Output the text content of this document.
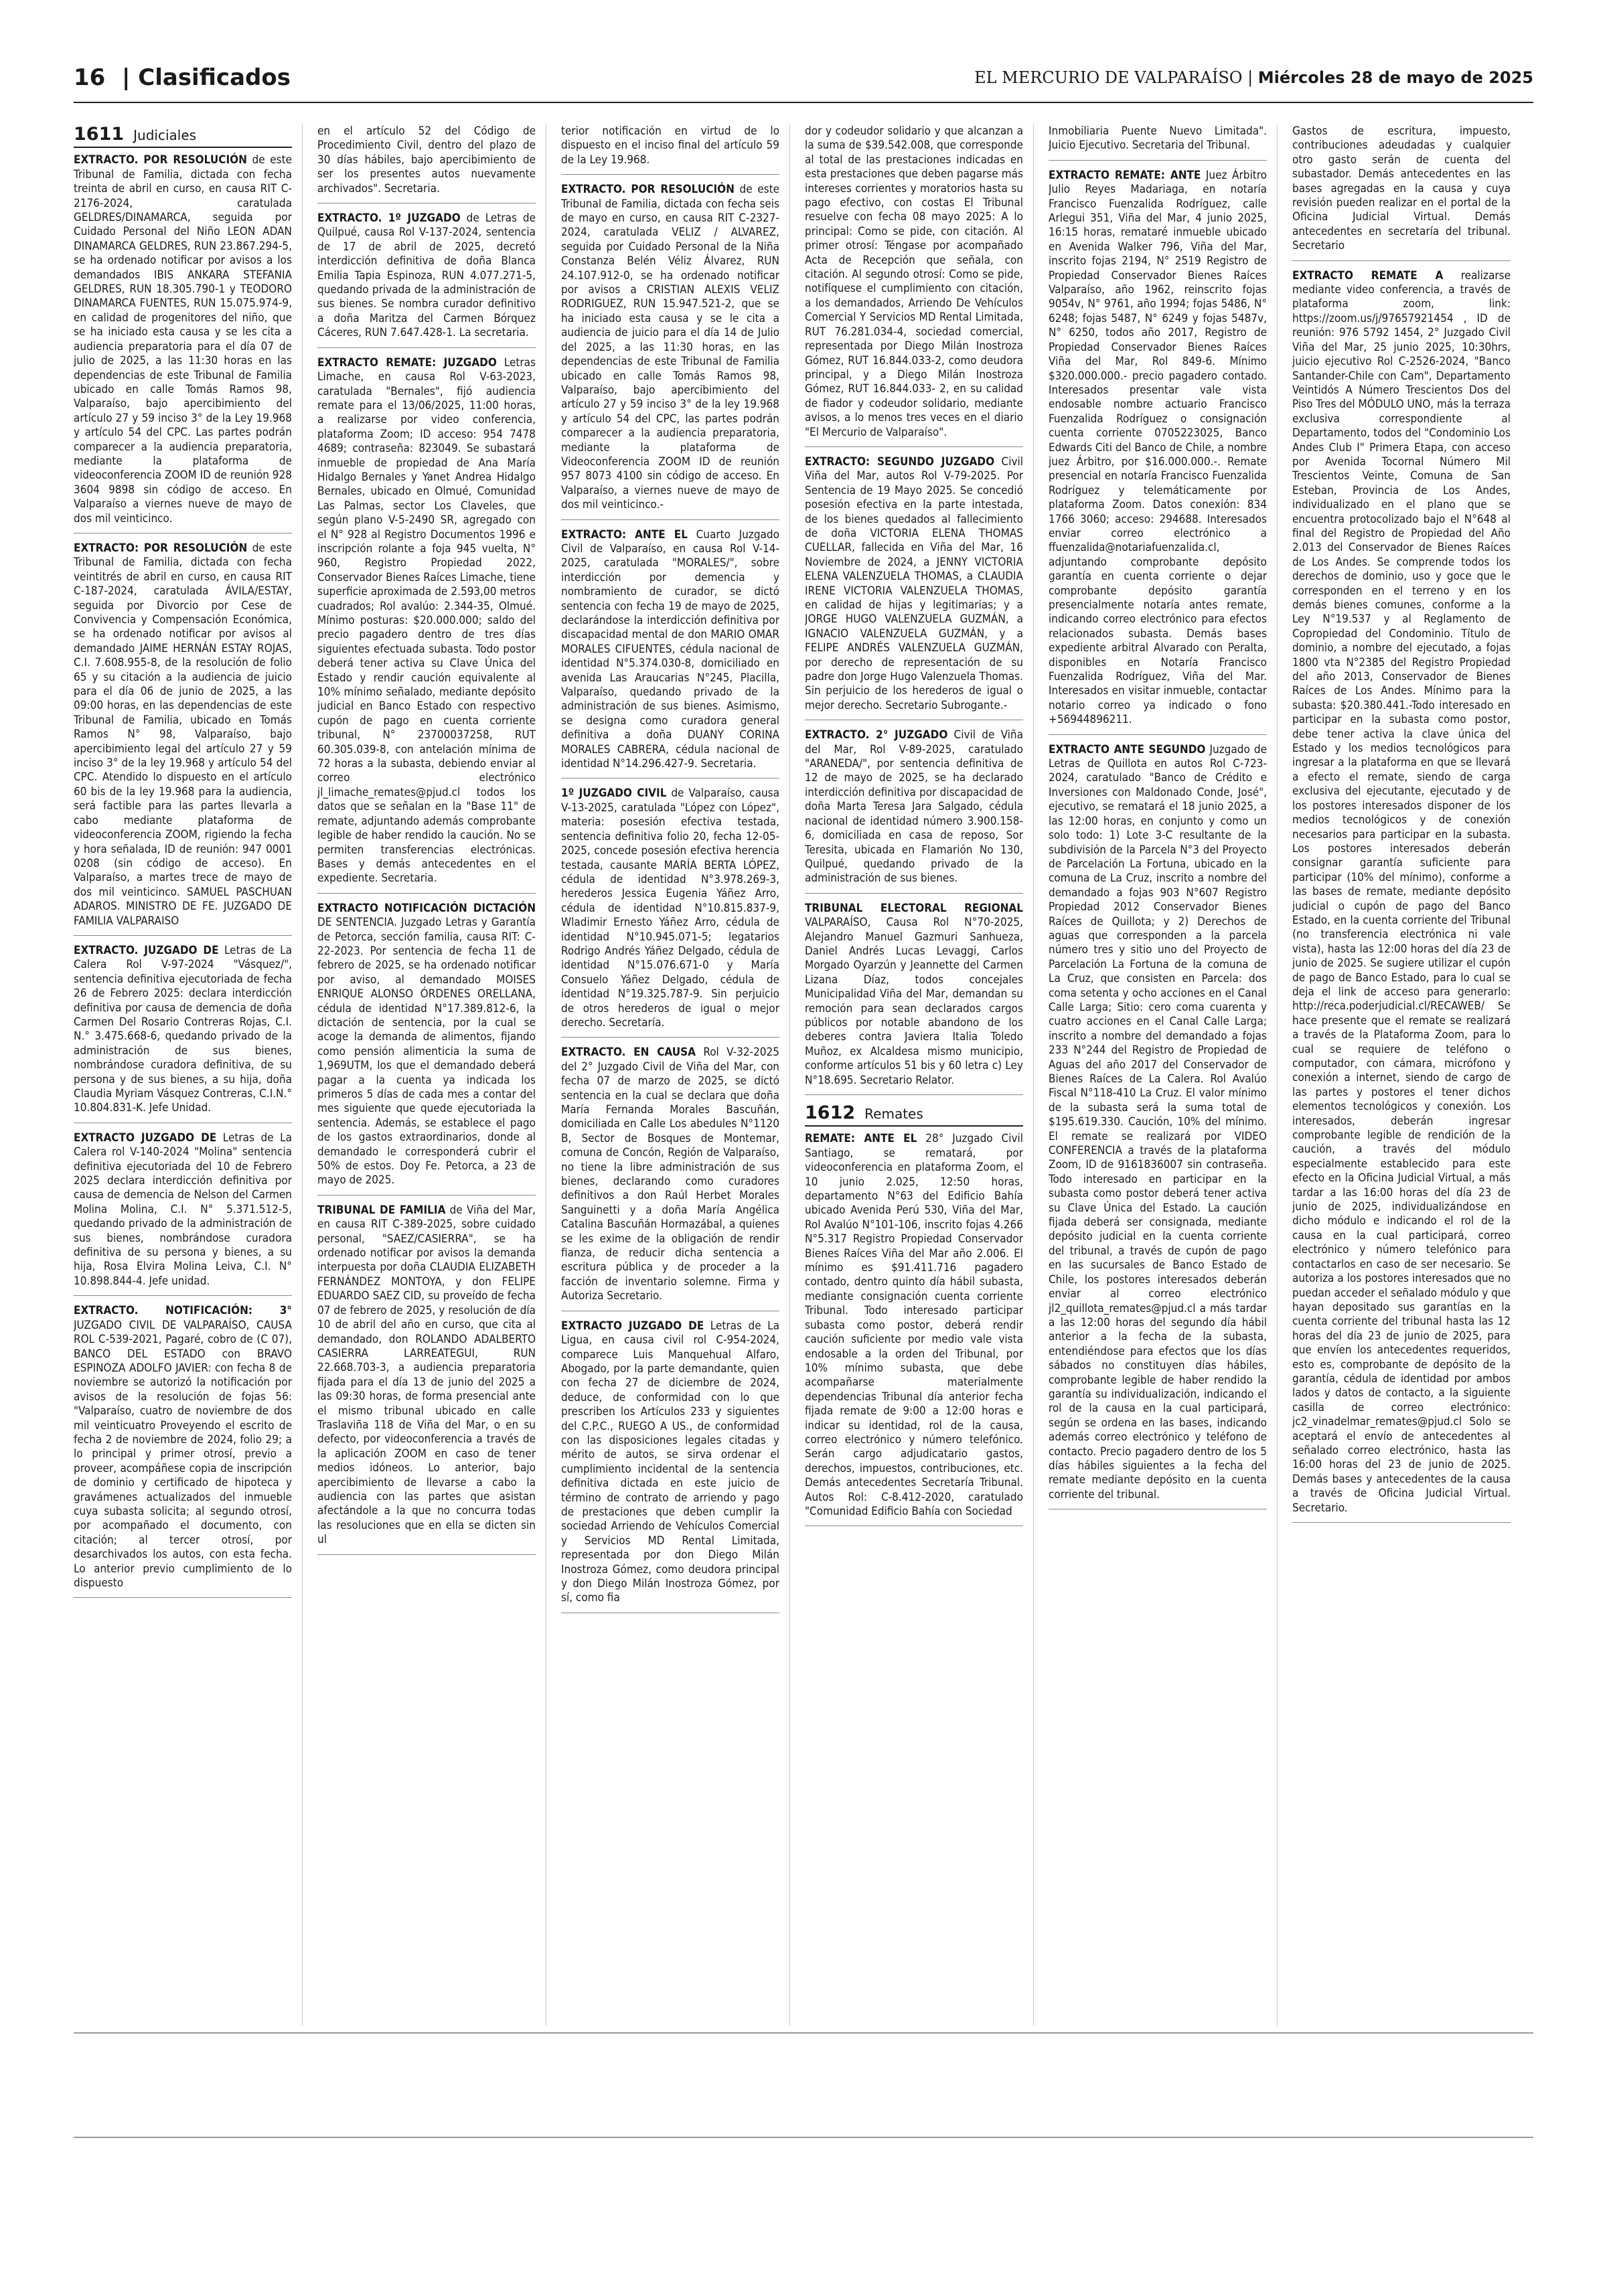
16 | Clasificados	EL MERCURIO DE VALPARAÍSO | Miércoles 28 de mayo de 2025
1611 Judiciales

EXTRACTO. POR RESOLUCIÓN de este Tribunal de Familia, dictada con fecha treinta de abril en curso, en causa RIT C-2176-2024, caratulada GELDRES/DINAMARCA, seguida por Cuidado Personal del Niño LEON ADAN DINAMARCA GELDRES, RUN 23.867.294-5, se ha ordenado notificar por avisos a los demandados IBIS ANKARA STEFANIA GELDRES, RUN 18.305.790-1 y TEODORO DINAMARCA FUENTES, RUN 15.075.974-9, en calidad de progenitores del niño, que se ha iniciado esta causa y se les cita a audiencia preparatoria para el día 07 de julio de 2025, a las 11:30 horas en las dependencias de este Tribunal de Familia ubicado en calle Tomás Ramos 98, Valparaíso, bajo apercibimiento del artículo 27 y 59 inciso 3° de la Ley 19.968 y artículo 54 del CPC. Las partes podrán comparecer a la audiencia preparatoria, mediante la plataforma de videoconferencia ZOOM ID de reunión 928 3604 9898 sin código de acceso. En Valparaíso a viernes nueve de mayo de dos mil veinticinco.

EXTRACTO: POR RESOLUCIÓN de este Tribunal de Familia, dictada con fecha veintitrés de abril en curso, en causa RIT C-187-2024, caratulada ÁVILA/ESTAY, seguida por Divorcio por Cese de Convivencia y Compensación Económica, se ha ordenado notificar por avisos al demandado JAIME HERNÁN ESTAY ROJAS, C.I. 7.608.955-8, de la resolución de folio 65 y su citación a la audiencia de juicio para el día 06 de junio de 2025, a las 09:00 horas, en las dependencias de este Tribunal de Familia, ubicado en Tomás Ramos N° 98, Valparaíso, bajo apercibimiento legal del artículo 27 y 59 inciso 3° de la ley 19.968 y artículo 54 del CPC. Atendido lo dispuesto en el artículo 60 bis de la ley 19.968 para la audiencia, será factible para las partes llevarla a cabo mediante plataforma de videoconferencia ZOOM, rigiendo la fecha y hora señalada, ID de reunión: 947 0001 0208 (sin código de acceso). En Valparaíso, a martes trece de mayo de dos mil veinticinco. SAMUEL PASCHUAN ADAROS. MINISTRO DE FE. JUZGADO DE FAMILIA VALPARAISO

EXTRACTO. JUZGADO DE Letras de La Calera Rol V-97-2024 "Vásquez/", sentencia definitiva ejecutoriada de fecha 26 de Febrero 2025: declara interdicción definitiva por causa de demencia de doña Carmen Del Rosario Contreras Rojas, C.I. N.° 3.475.668-6, quedando privado de la administración de sus bienes, nombrándose curadora definitiva, de su persona y de sus bienes, a su hija, doña Claudia Myriam Vásquez Contreras, C.I.N.° 10.804.831-K. Jefe Unidad.

EXTRACTO JUZGADO DE Letras de La Calera rol V-140-2024 "Molina" sentencia definitiva ejecutoriada del 10 de Febrero 2025 declara interdicción definitiva por causa de demencia de Nelson del Carmen Molina Molina, C.I. N° 5.371.512-5, quedando privado de la administración de sus bienes, nombrándose curadora definitiva de su persona y bienes, a su hija, Rosa Elvira Molina Leiva, C.I. N° 10.898.844-4. Jefe unidad.

EXTRACTO. NOTIFICACIÓN: 3° JUZGADO CIVIL DE VALPARAÍSO, CAUSA ROL C-539-2021, Pagaré, cobro de (C 07), BANCO DEL ESTADO con BRAVO ESPINOZA ADOLFO JAVIER: con fecha 8 de noviembre se autorizó la notificación por avisos de la resolución de fojas 56: "Valparaíso, cuatro de noviembre de dos mil veinticuatro Proveyendo el escrito de fecha 2 de noviembre de 2024, folio 29; a lo principal y primer otrosí, previo a proveer, acompáñese copia de inscripción de dominio y certificado de hipoteca y gravámenes actualizados del inmueble cuya subasta solicita; al segundo otrosí, por acompañado el documento, con citación; al tercer otrosí, por desarchivados los autos, con esta fecha. Lo anterior previo cumplimiento de lo dispuesto

en el artículo 52 del Código de Procedimiento Civil, dentro del plazo de 30 días hábiles, bajo apercibimiento de ser los presentes autos nuevamente archivados". Secretaria.

EXTRACTO. 1º JUZGADO de Letras de Quilpué, causa Rol V-137-2024, sentencia de 17 de abril de 2025, decretó interdicción definitiva de doña Blanca Emilia Tapia Espinoza, RUN 4.077.271-5, quedando privada de la administración de sus bienes. Se nombra curador definitivo a doña Maritza del Carmen Bórquez Cáceres, RUN 7.647.428-1. La secretaria.

EXTRACTO REMATE: JUZGADO Letras Limache, en causa Rol V-63-2023, caratulada "Bernales", fijó audiencia remate para el 13/06/2025, 11:00 horas, a realizarse por video conferencia, plataforma Zoom; ID acceso: 954 7478 4689; contraseña: 823049. Se subastará inmueble de propiedad de Ana María Hidalgo Bernales y Yanet Andrea Hidalgo Bernales, ubicado en Olmué, Comunidad Las Palmas, sector Los Claveles, que según plano V-5-2490 SR, agregado con el N° 928 al Registro Documentos 1996 e inscripción rolante a foja 945 vuelta, N° 960, Registro Propiedad 2022, Conservador Bienes Raíces Limache, tiene superficie aproximada de 2.593,00 metros cuadrados; Rol avalúo: 2.344-35, Olmué. Mínimo posturas: $20.000.000; saldo del precio pagadero dentro de tres días siguientes efectuada subasta. Todo postor deberá tener activa su Clave Única del Estado y rendir caución equivalente al 10% mínimo señalado, mediante depósito judicial en Banco Estado con respectivo cupón de pago en cuenta corriente tribunal, N° 23700037258, RUT 60.305.039-8, con antelación mínima de 72 horas a la subasta, debiendo enviar al correo electrónico jl_limache_remates@pjud.cl todos los datos que se señalan en la "Base 11" de remate, adjuntando además comprobante legible de haber rendido la caución. No se permiten transferencias electrónicas. Bases y demás antecedentes en el expediente. Secretaria.

EXTRACTO NOTIFICACIÓN DICTACIÓN DE SENTENCIA. Juzgado Letras y Garantía de Petorca, sección familia, causa RIT: C-22-2023. Por sentencia de fecha 11 de febrero de 2025, se ha ordenado notificar por aviso, al demandado MOISES ENRIQUE ALONSO ÓRDENES ORELLANA, cédula de identidad N°17.389.812-6, la dictación de sentencia, por la cual se acoge la demanda de alimentos, fijando como pensión alimenticia la suma de 1,969UTM, los que el demandado deberá pagar a la cuenta ya indicada los primeros 5 días de cada mes a contar del mes siguiente que quede ejecutoriada la sentencia. Además, se establece el pago de los gastos extraordinarios, donde al demandado le corresponderá cubrir el 50% de estos. Doy Fe. Petorca, a 23 de mayo de 2025.

TRIBUNAL DE FAMILIA de Viña del Mar, en causa RIT C-389-2025, sobre cuidado personal, "SAEZ/CASIERRA", se ha ordenado notificar por avisos la demanda interpuesta por doña CLAUDIA ELIZABETH FERNÁNDEZ MONTOYA, y don FELIPE EDUARDO SAEZ CID, su proveído de fecha 07 de febrero de 2025, y resolución de día 10 de abril del año en curso, que cita al demandado, don ROLANDO ADALBERTO CASIERRA LARREATEGUI, RUN 22.668.703-3, a audiencia preparatoria fijada para el día 13 de junio del 2025 a las 09:30 horas, de forma presencial ante el mismo tribunal ubicado en calle Traslaviña 118 de Viña del Mar, o en su defecto, por videoconferencia a través de la aplicación ZOOM en caso de tener medios idóneos. Lo anterior, bajo apercibimiento de llevarse a cabo la audiencia con las partes que asistan afectándole a la que no concurra todas las resoluciones que en ella se dicten sin ul

terior notificación en virtud de lo dispuesto en el inciso final del artículo 59 de la Ley 19.968.

EXTRACTO. POR RESOLUCIÓN de este Tribunal de Familia, dictada con fecha seis de mayo en curso, en causa RIT C-2327-2024, caratulada VELIZ / ALVAREZ, seguida por Cuidado Personal de la Niña Constanza Belén Véliz Álvarez, RUN 24.107.912-0, se ha ordenado notificar por avisos a CRISTIAN ALEXIS VELIZ RODRIGUEZ, RUN 15.947.521-2, que se ha iniciado esta causa y se le cita a audiencia de juicio para el día 14 de Julio del 2025, a las 11:30 horas, en las dependencias de este Tribunal de Familia ubicado en calle Tomás Ramos 98, Valparaíso, bajo apercibimiento del artículo 27 y 59 inciso 3° de la ley 19.968 y artículo 54 del CPC, las partes podrán comparecer a la audiencia preparatoria, mediante la plataforma de Videoconferencia ZOOM ID de reunión 957 8073 4100 sin código de acceso. En Valparaíso, a viernes nueve de mayo de dos mil veinticinco.-

EXTRACTO: ANTE EL Cuarto Juzgado Civil de Valparaíso, en causa Rol V-14-2025, caratulada "MORALES/", sobre interdicción por demencia y nombramiento de curador, se dictó sentencia con fecha 19 de mayo de 2025, declarándose la interdicción definitiva por discapacidad mental de don MARIO OMAR MORALES CIFUENTES, cédula nacional de identidad N°5.374.030-8, domiciliado en avenida Las Araucarias N°245, Placilla, Valparaíso, quedando privado de la administración de sus bienes. Asimismo, se designa como curadora general definitiva a doña DUANY CORINA MORALES CABRERA, cédula nacional de identidad N°14.296.427-9. Secretaria.

1º JUZGADO CIVIL de Valparaíso, causa V-13-2025, caratulada "López con López", materia: posesión efectiva testada, sentencia definitiva folio 20, fecha 12-05-2025, concede posesión efectiva herencia testada, causante MARÍA BERTA LÓPEZ, cédula de identidad N°3.978.269-3, herederos Jessica Eugenia Yáñez Arro, cédula de identidad N°10.815.837-9, Wladimir Ernesto Yáñez Arro, cédula de identidad N°10.945.071-5; legatarios Rodrigo Andrés Yáñez Delgado, cédula de identidad N°15.076.671-0 y María Consuelo Yáñez Delgado, cédula de identidad N°19.325.787-9. Sin perjuicio de otros herederos de igual o mejor derecho. Secretaría.

EXTRACTO. EN CAUSA Rol V-32-2025 del 2° Juzgado Civil de Viña del Mar, con fecha 07 de marzo de 2025, se dictó sentencia en la cual se declara que doña María Fernanda Morales Bascuñán, domiciliada en Calle Los abedules N°1120 B, Sector de Bosques de Montemar, comuna de Concón, Región de Valparaíso, no tiene la libre administración de sus bienes, declarando como curadores definitivos a don Raúl Herbet Morales Sanguinetti y a doña María Angélica Catalina Bascuñán Hormazábal, a quienes se les exime de la obligación de rendir fianza, de reducir dicha sentencia a escritura pública y de proceder a la facción de inventario solemne. Firma y Autoriza Secretario.

EXTRACTO JUZGADO DE Letras de La Ligua, en causa civil rol C-954-2024, comparece Luis Manquehual Alfaro, Abogado, por la parte demandante, quien con fecha 27 de diciembre de 2024, deduce, de conformidad con lo que prescriben los Artículos 233 y siguientes del C.P.C., RUEGO A US., de conformidad con las disposiciones legales citadas y mérito de autos, se sirva ordenar el cumplimiento incidental de la sentencia definitiva dictada en este juicio de término de contrato de arriendo y pago de prestaciones que deben cumplir la sociedad Arriendo de Vehículos Comercial y Servicios MD Rental Limitada, representada por don Diego Milán Inostroza Gómez, como deudora principal y don Diego Milán Inostroza Gómez, por sí, como fia

dor y codeudor solidario y que alcanzan a la suma de $39.542.008, que corresponde al total de las prestaciones indicadas en esta prestaciones que deben pagarse más intereses corrientes y moratorios hasta su pago efectivo, con costas El Tribunal resuelve con fecha 08 mayo 2025: A lo principal: Como se pide, con citación. Al primer otrosí: Téngase por acompañado Acta de Recepción que señala, con citación. Al segundo otrosí: Como se pide, notifíquese el cumplimiento con citación, a los demandados, Arriendo De Vehículos Comercial Y Servicios MD Rental Limitada, RUT 76.281.034-4, sociedad comercial, representada por Diego Milán Inostroza Gómez, RUT 16.844.033-2, como deudora principal, y a Diego Milán Inostroza Gómez, RUT 16.844.033- 2, en su calidad de fiador y codeudor solidario, mediante avisos, a lo menos tres veces en el diario "El Mercurio de Valparaíso".

EXTRACTO: SEGUNDO JUZGADO Civil Viña del Mar, autos Rol V-79-2025. Por Sentencia de 19 Mayo 2025. Se concedió posesión efectiva en la parte intestada, de los bienes quedados al fallecimiento de doña VICTORIA ELENA THOMAS CUELLAR, fallecida en Viña del Mar, 16 Noviembre de 2024, a JENNY VICTORIA ELENA VALENZUELA THOMAS, a CLAUDIA IRENE VICTORIA VALENZUELA THOMAS, en calidad de hijas y legitimarias; y a JORGE HUGO VALENZUELA GUZMÁN, a IGNACIO VALENZUELA GUZMÁN, y a FELIPE ANDRÉS VALENZUELA GUZMÁN, por derecho de representación de su padre don Jorge Hugo Valenzuela Thomas. Sin perjuicio de los herederos de igual o mejor derecho. Secretario Subrogante.-

EXTRACTO. 2° JUZGADO Civil de Viña del Mar, Rol V-89-2025, caratulado "ARANEDA/", por sentencia definitiva de 12 de mayo de 2025, se ha declarado interdicción definitiva por discapacidad de doña Marta Teresa Jara Salgado, cédula nacional de identidad número 3.900.158-6, domiciliada en casa de reposo, Sor Teresita, ubicada en Flamarión No 130, Quilpué, quedando privado de la administración de sus bienes.

TRIBUNAL ELECTORAL REGIONAL VALPARAÍSO, Causa Rol N°70-2025, Alejandro Manuel Gazmuri Sanhueza, Daniel Andrés Lucas Levaggi, Carlos Morgado Oyarzún y Jeannette del Carmen Lizana Díaz, todos concejales Municipalidad Viña del Mar, demandan su remoción para sean declarados cargos públicos por notable abandono de los deberes contra Javiera Italia Toledo Muñoz, ex Alcaldesa mismo municipio, conforme artículos 51 bis y 60 letra c) Ley N°18.695. Secretario Relator.

1612 Remates

REMATE: ANTE EL 28° Juzgado Civil Santiago, se rematará, por videoconferencia en plataforma Zoom, el 10 junio 2.025, 12:50 horas, departamento N°63 del Edificio Bahía ubicado Avenida Perú 530, Viña del Mar, Rol Avalúo N°101-106, inscrito fojas 4.266 N°5.317 Registro Propiedad Conservador Bienes Raíces Viña del Mar año 2.006. El mínimo es $91.411.716 pagadero contado, dentro quinto día hábil subasta, mediante consignación cuenta corriente Tribunal. Todo interesado participar subasta como postor, deberá rendir caución suficiente por medio vale vista endosable a la orden del Tribunal, por 10% mínimo subasta, que debe acompañarse materialmente dependencias Tribunal día anterior fecha fijada remate de 9:00 a 12:00 horas e indicar su identidad, rol de la causa, correo electrónico y número telefónico. Serán cargo adjudicatario gastos, derechos, impuestos, contribuciones, etc. Demás antecedentes Secretaría Tribunal. Autos Rol: C-8.412-2020, caratulado "Comunidad Edificio Bahía con Sociedad

Inmobiliaria Puente Nuevo Limitada". Juicio Ejecutivo. Secretaria del Tribunal.

EXTRACTO REMATE: ANTE Juez Árbitro Julio Reyes Madariaga, en notaría Francisco Fuenzalida Rodríguez, calle Arlegui 351, Viña del Mar, 4 junio 2025, 16:15 horas, remataré inmueble ubicado en Avenida Walker 796, Viña del Mar, inscrito fojas 2194, N° 2519 Registro de Propiedad Conservador Bienes Raíces Valparaíso, año 1962, reinscrito fojas 9054v, N° 9761, año 1994; fojas 5486, N° 6248; fojas 5487, N° 6249 y fojas 5487v, N° 6250, todos año 2017, Registro de Propiedad Conservador Bienes Raíces Viña del Mar, Rol 849-6. Mínimo $320.000.000.- precio pagadero contado. Interesados presentar vale vista endosable nombre actuario Francisco Fuenzalida Rodríguez o consignación cuenta corriente 0705223025, Banco Edwards Citi del Banco de Chile, a nombre juez Árbitro, por $16.000.000.-. Remate presencial en notaría Francisco Fuenzalida Rodríguez y telemáticamente por plataforma Zoom. Datos conexión: 834 1766 3060; acceso: 294688. Interesados enviar correo electrónico a ffuenzalida@notariafuenzalida.cl, adjuntando comprobante depósito garantía en cuenta corriente o dejar comprobante depósito garantía presencialmente notaría antes remate, indicando correo electrónico para efectos relacionados subasta. Demás bases expediente arbitral Alvarado con Peralta, disponibles en Notaría Francisco Fuenzalida Rodríguez, Viña del Mar. Interesados en visitar inmueble, contactar notario correo ya indicado o fono +56944896211.

EXTRACTO ANTE SEGUNDO Juzgado de Letras de Quillota en autos Rol C-723-2024, caratulado "Banco de Crédito e Inversiones con Maldonado Conde, José", ejecutivo, se rematará el 18 junio 2025, a las 12:00 horas, en conjunto y como un solo todo: 1) Lote 3-C resultante de la subdivisión de la Parcela N°3 del Proyecto de Parcelación La Fortuna, ubicado en la comuna de La Cruz, inscrito a nombre del demandado a fojas 903 N°607 Registro Propiedad 2012 Conservador Bienes Raíces de Quillota; y 2) Derechos de aguas que corresponden a la parcela número tres y sitio uno del Proyecto de Parcelación La Fortuna de la comuna de La Cruz, que consisten en Parcela: dos coma setenta y ocho acciones en el Canal Calle Larga; Sitio: cero coma cuarenta y cuatro acciones en el Canal Calle Larga; inscrito a nombre del demandado a fojas 233 N°244 del Registro de Propiedad de Aguas del año 2017 del Conservador de Bienes Raíces de La Calera. Rol Avalúo Fiscal N°118-410 La Cruz. El valor mínimo de la subasta será la suma total de $195.619.330. Caución, 10% del mínimo. El remate se realizará por VIDEO CONFERENCIA a través de la plataforma Zoom, ID de 9161836007 sin contraseña. Todo interesado en participar en la subasta como postor deberá tener activa su Clave Única del Estado. La caución fijada deberá ser consignada, mediante depósito judicial en la cuenta corriente del tribunal, a través de cupón de pago en las sucursales de Banco Estado de Chile, los postores interesados deberán enviar al correo electrónico jl2_quillota_remates@pjud.cl a más tardar a las 12:00 horas del segundo día hábil anterior a la fecha de la subasta, entendiéndose para efectos que los días sábados no constituyen días hábiles, comprobante legible de haber rendido la garantía su individualización, indicando el rol de la causa en la cual participará, según se ordena en las bases, indicando además correo electrónico y teléfono de contacto. Precio pagadero dentro de los 5 días hábiles siguientes a la fecha del remate mediante depósito en la cuenta corriente del tribunal.

Gastos de escritura, impuesto, contribuciones adeudadas y cualquier otro gasto serán de cuenta del subastador. Demás antecedentes en las bases agregadas en la causa y cuya revisión pueden realizar en el portal de la Oficina Judicial Virtual. Demás antecedentes en secretaría del tribunal. Secretario

EXTRACTO REMATE A realizarse mediante video conferencia, a través de plataforma zoom, link: https://zoom.us/j/97657921454 , ID de reunión: 976 5792 1454, 2° Juzgado Civil Viña del Mar, 25 junio 2025, 10:30hrs, juicio ejecutivo Rol C-2526-2024, "Banco Santander-Chile con Cam", Departamento Veintidós A Número Trescientos Dos del Piso Tres del MÓDULO UNO, más la terraza exclusiva correspondiente al Departamento, todos del "Condominio Los Andes Club I" Primera Etapa, con acceso por Avenida Tocornal Número Mil Trescientos Veinte, Comuna de San Esteban, Provincia de Los Andes, individualizado en el plano que se encuentra protocolizado bajo el N°648 al final del Registro de Propiedad del Año 2.013 del Conservador de Bienes Raíces de Los Andes. Se comprende todos los derechos de dominio, uso y goce que le corresponden en el terreno y en los demás bienes comunes, conforme a la Ley N°19.537 y al Reglamento de Copropiedad del Condominio. Título de dominio, a nombre del ejecutado, a fojas 1800 vta N°2385 del Registro Propiedad del año 2013, Conservador de Bienes Raíces de Los Andes. Mínimo para la subasta: $20.380.441.-Todo interesado en participar en la subasta como postor, debe tener activa la clave única del Estado y los medios tecnológicos para ingresar a la plataforma en que se llevará a efecto el remate, siendo de carga exclusiva del ejecutante, ejecutado y de los postores interesados disponer de los medios tecnológicos y de conexión necesarios para participar en la subasta. Los postores interesados deberán consignar garantía suficiente para participar (10% del mínimo), conforme a las bases de remate, mediante depósito judicial o cupón de pago del Banco Estado, en la cuenta corriente del Tribunal (no transferencia electrónica ni vale vista), hasta las 12:00 horas del día 23 de junio de 2025. Se sugiere utilizar el cupón de pago de Banco Estado, para lo cual se deja el link de acceso para generarlo: http://reca.poderjudicial.cl/RECAWEB/ Se hace presente que el remate se realizará a través de la Plataforma Zoom, para lo cual se requiere de teléfono o computador, con cámara, micrófono y conexión a internet, siendo de cargo de las partes y postores el tener dichos elementos tecnológicos y conexión. Los interesados, deberán ingresar comprobante legible de rendición de la caución, a través del módulo especialmente establecido para este efecto en la Oficina Judicial Virtual, a más tardar a las 16:00 horas del día 23 de junio de 2025, individualizándose en dicho módulo e indicando el rol de la causa en la cual participará, correo electrónico y número telefónico para contactarlos en caso de ser necesario. Se autoriza a los postores interesados que no puedan acceder el señalado módulo y que hayan depositado sus garantías en la cuenta corriente del tribunal hasta las 12 horas del día 23 de junio de 2025, para que envíen los antecedentes requeridos, esto es, comprobante de depósito de la garantía, cédula de identidad por ambos lados y datos de contacto, a la siguiente casilla de correo electrónico: jc2_vinadelmar_remates@pjud.cl Solo se aceptará el envío de antecedentes al señalado correo electrónico, hasta las 16:00 horas del 23 de junio de 2025. Demás bases y antecedentes de la causa a través de Oficina Judicial Virtual. Secretario.
